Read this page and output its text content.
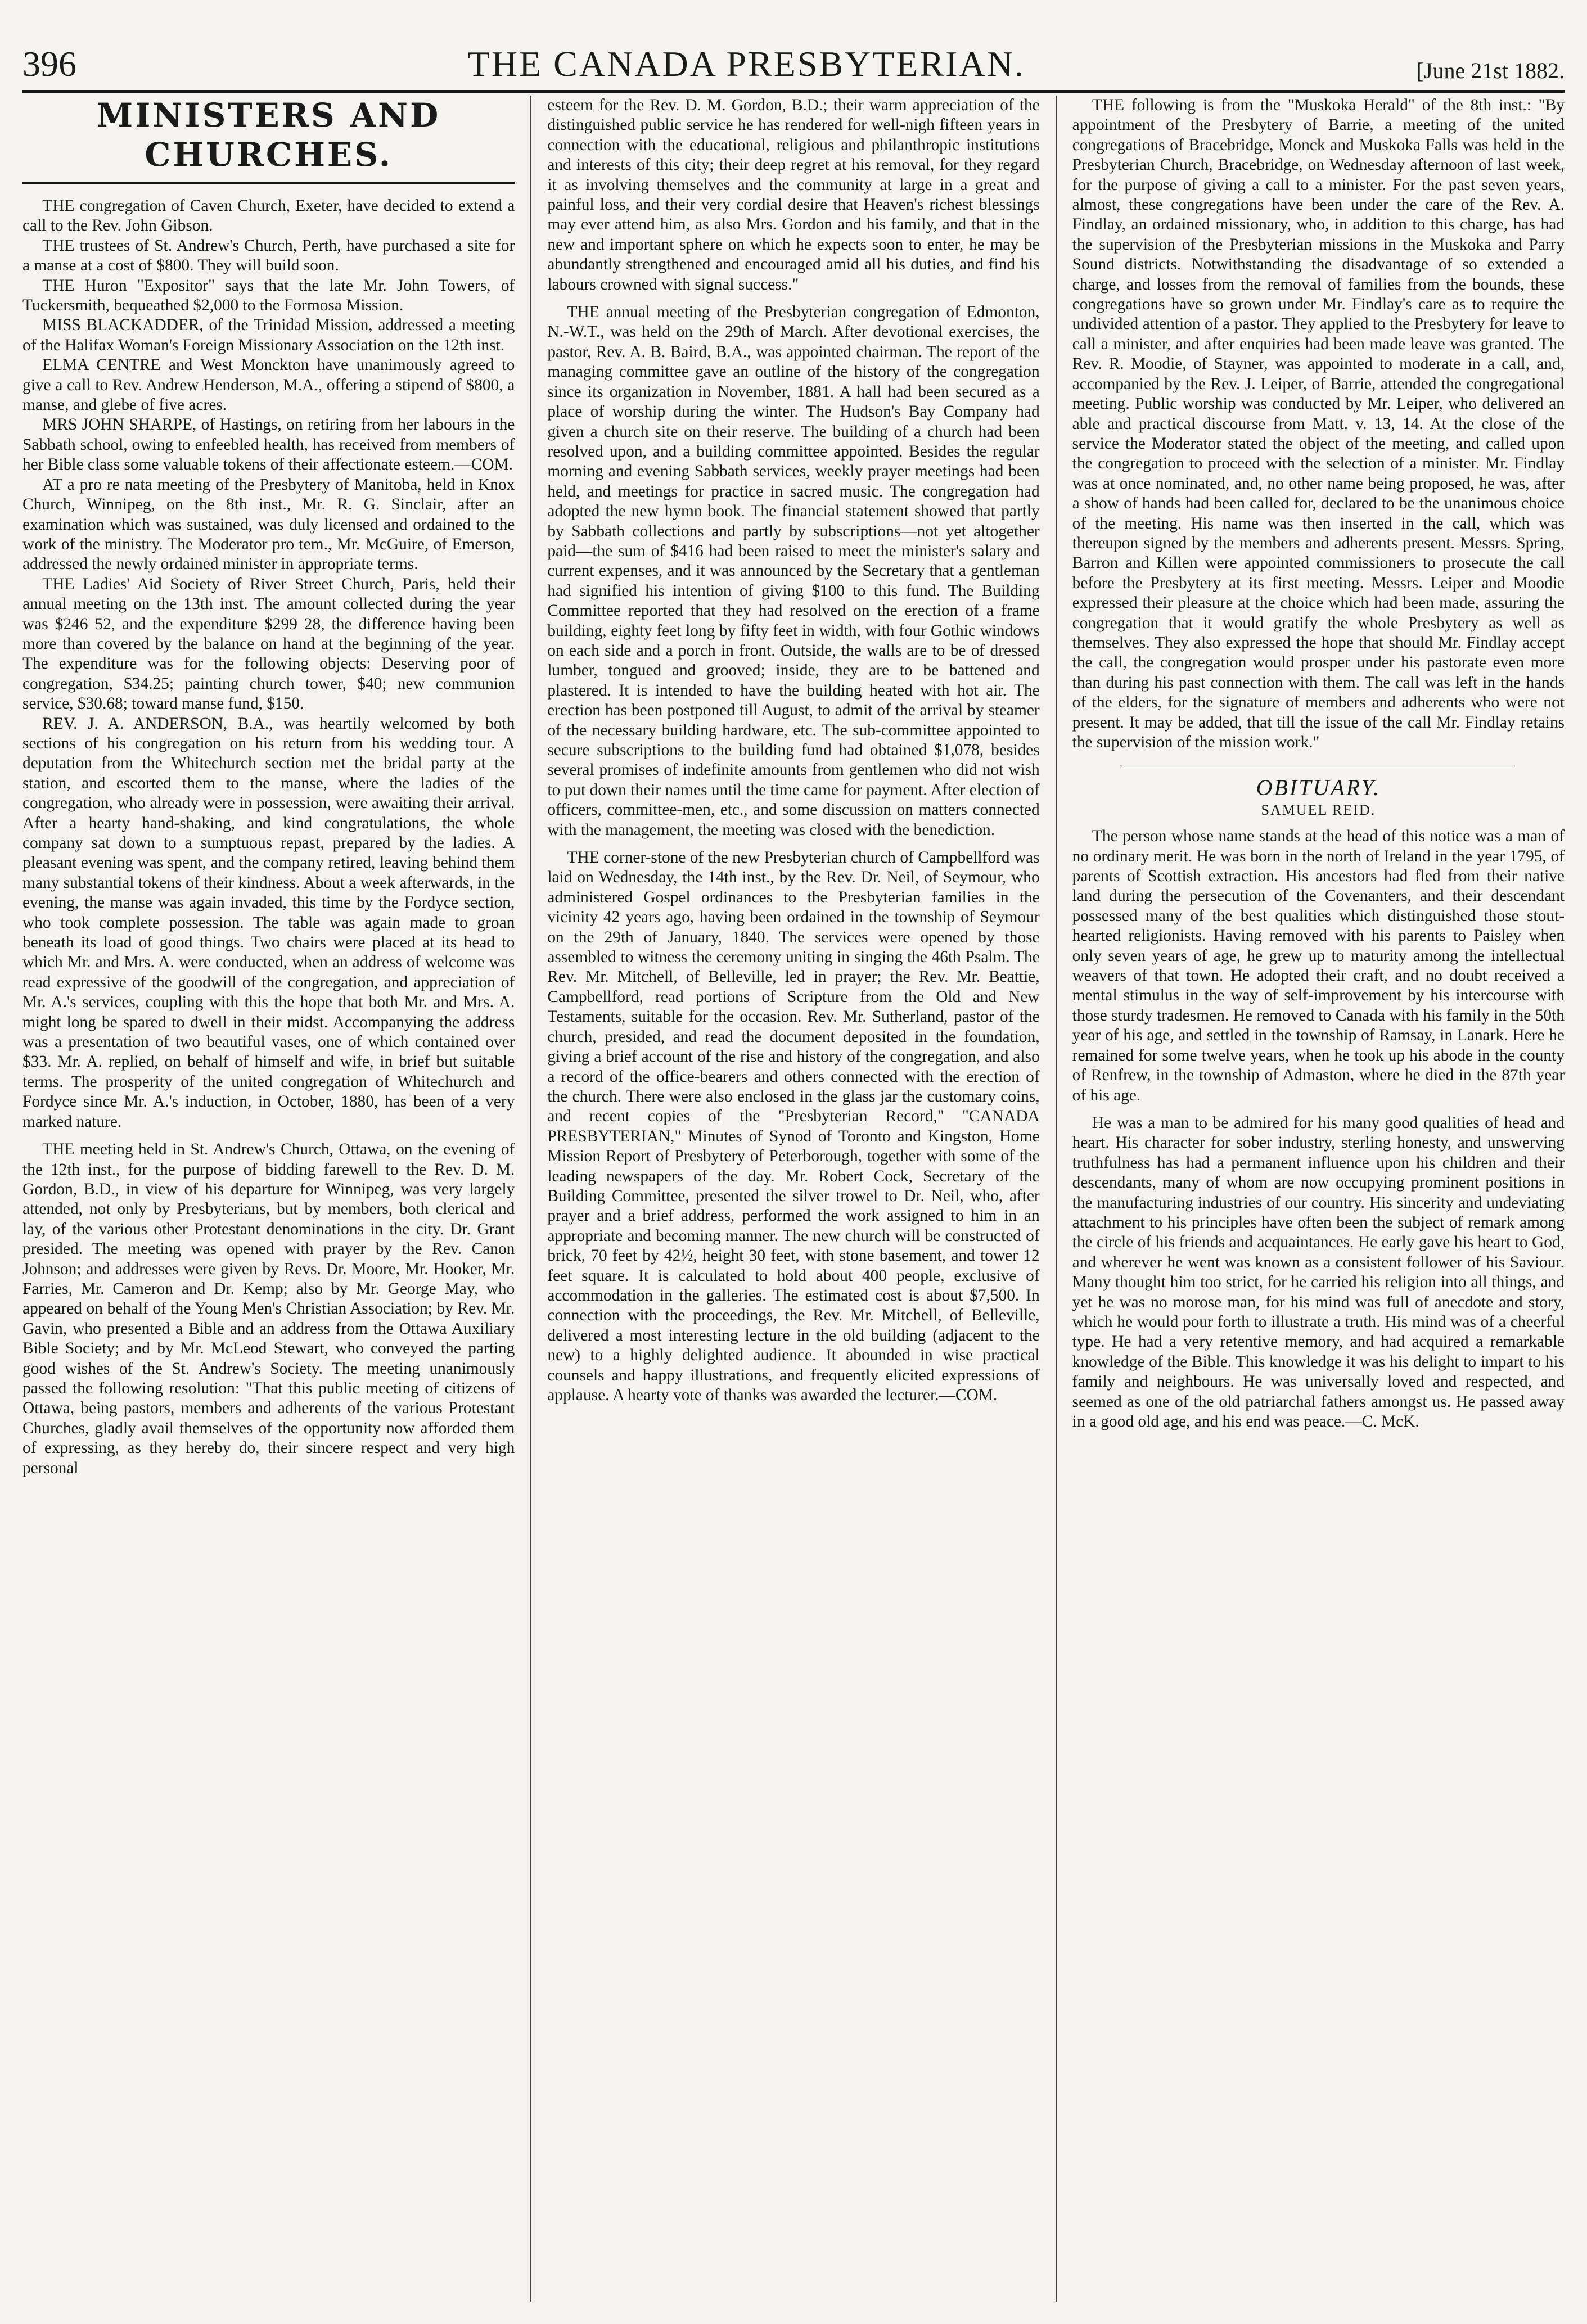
396	THE CANADA PRESBYTERIAN.	[June 21st 1882.
MINISTERS AND CHURCHES.

THE congregation of Caven Church, Exeter, have decided to extend a call to the Rev. John Gibson.

THE trustees of St. Andrew's Church, Perth, have purchased a site for a manse at a cost of $800. They will build soon.

THE Huron "Expositor" says that the late Mr. John Towers, of Tuckersmith, bequeathed $2,000 to the Formosa Mission.

MISS BLACKADDER, of the Trinidad Mission, addressed a meeting of the Halifax Woman's Foreign Missionary Association on the 12th inst.

ELMA CENTRE and West Monckton have unanimously agreed to give a call to Rev. Andrew Henderson, M.A., offering a stipend of $800, a manse, and glebe of five acres.

MRS JOHN SHARPE, of Hastings, on retiring from her labours in the Sabbath school, owing to enfeebled health, has received from members of her Bible class some valuable tokens of their affectionate esteem.—COM.

AT a pro re nata meeting of the Presbytery of Manitoba, held in Knox Church, Winnipeg, on the 8th inst., Mr. R. G. Sinclair, after an examination which was sustained, was duly licensed and ordained to the work of the ministry. The Moderator pro tem., Mr. McGuire, of Emerson, addressed the newly ordained minister in appropriate terms.

THE Ladies' Aid Society of River Street Church, Paris, held their annual meeting on the 13th inst. The amount collected during the year was $246 52, and the expenditure $299 28, the difference having been more than covered by the balance on hand at the beginning of the year. The expenditure was for the following objects: Deserving poor of congregation, $34.25; painting church tower, $40; new communion service, $30.68; toward manse fund, $150.

REV. J. A. ANDERSON, B.A., was heartily welcomed by both sections of his congregation on his return from his wedding tour. A deputation from the Whitechurch section met the bridal party at the station, and escorted them to the manse, where the ladies of the congregation, who already were in possession, were awaiting their arrival. After a hearty hand-shaking, and kind congratulations, the whole company sat down to a sumptuous repast, prepared by the ladies. A pleasant evening was spent, and the company retired, leaving behind them many substantial tokens of their kindness. About a week afterwards, in the evening, the manse was again invaded, this time by the Fordyce section, who took complete possession. The table was again made to groan beneath its load of good things. Two chairs were placed at its head to which Mr. and Mrs. A. were conducted, when an address of welcome was read expressive of the goodwill of the congregation, and appreciation of Mr. A.'s services, coupling with this the hope that both Mr. and Mrs. A. might long be spared to dwell in their midst. Accompanying the address was a presentation of two beautiful vases, one of which contained over $33. Mr. A. replied, on behalf of himself and wife, in brief but suitable terms. The prosperity of the united congregation of Whitechurch and Fordyce since Mr. A.'s induction, in October, 1880, has been of a very marked nature.

THE meeting held in St. Andrew's Church, Ottawa, on the evening of the 12th inst., for the purpose of bidding farewell to the Rev. D. M. Gordon, B.D., in view of his departure for Winnipeg, was very largely attended, not only by Presbyterians, but by members, both clerical and lay, of the various other Protestant denominations in the city. Dr. Grant presided. The meeting was opened with prayer by the Rev. Canon Johnson; and addresses were given by Revs. Dr. Moore, Mr. Hooker, Mr. Farries, Mr. Cameron and Dr. Kemp; also by Mr. George May, who appeared on behalf of the Young Men's Christian Association; by Rev. Mr. Gavin, who presented a Bible and an address from the Ottawa Auxiliary Bible Society; and by Mr. McLeod Stewart, who conveyed the parting good wishes of the St. Andrew's Society. The meeting unanimously passed the following resolution: "That this public meeting of citizens of Ottawa, being pastors, members and adherents of the various Protestant Churches, gladly avail themselves of the opportunity now afforded them of expressing, as they hereby do, their sincere respect and very high personal

esteem for the Rev. D. M. Gordon, B.D.; their warm appreciation of the distinguished public service he has rendered for well-nigh fifteen years in connection with the educational, religious and philanthropic institutions and interests of this city; their deep regret at his removal, for they regard it as involving themselves and the community at large in a great and painful loss, and their very cordial desire that Heaven's richest blessings may ever attend him, as also Mrs. Gordon and his family, and that in the new and important sphere on which he expects soon to enter, he may be abundantly strengthened and encouraged amid all his duties, and find his labours crowned with signal success."

THE annual meeting of the Presbyterian congregation of Edmonton, N.-W.T., was held on the 29th of March. After devotional exercises, the pastor, Rev. A. B. Baird, B.A., was appointed chairman. The report of the managing committee gave an outline of the history of the congregation since its organization in November, 1881. A hall had been secured as a place of worship during the winter. The Hudson's Bay Company had given a church site on their reserve. The building of a church had been resolved upon, and a building committee appointed. Besides the regular morning and evening Sabbath services, weekly prayer meetings had been held, and meetings for practice in sacred music. The congregation had adopted the new hymn book. The financial statement showed that partly by Sabbath collections and partly by subscriptions—not yet altogether paid—the sum of $416 had been raised to meet the minister's salary and current expenses, and it was announced by the Secretary that a gentleman had signified his intention of giving $100 to this fund. The Building Committee reported that they had resolved on the erection of a frame building, eighty feet long by fifty feet in width, with four Gothic windows on each side and a porch in front. Outside, the walls are to be of dressed lumber, tongued and grooved; inside, they are to be battened and plastered. It is intended to have the building heated with hot air. The erection has been postponed till August, to admit of the arrival by steamer of the necessary building hardware, etc. The sub-committee appointed to secure subscriptions to the building fund had obtained $1,078, besides several promises of indefinite amounts from gentlemen who did not wish to put down their names until the time came for payment. After election of officers, committee-men, etc., and some discussion on matters connected with the management, the meeting was closed with the benediction.

THE corner-stone of the new Presbyterian church of Campbellford was laid on Wednesday, the 14th inst., by the Rev. Dr. Neil, of Seymour, who administered Gospel ordinances to the Presbyterian families in the vicinity 42 years ago, having been ordained in the township of Seymour on the 29th of January, 1840. The services were opened by those assembled to witness the ceremony uniting in singing the 46th Psalm. The Rev. Mr. Mitchell, of Belleville, led in prayer; the Rev. Mr. Beattie, Campbellford, read portions of Scripture from the Old and New Testaments, suitable for the occasion. Rev. Mr. Sutherland, pastor of the church, presided, and read the document deposited in the foundation, giving a brief account of the rise and history of the congregation, and also a record of the office-bearers and others connected with the erection of the church. There were also enclosed in the glass jar the customary coins, and recent copies of the "Presbyterian Record," "CANADA PRESBYTERIAN," Minutes of Synod of Toronto and Kingston, Home Mission Report of Presbytery of Peterborough, together with some of the leading newspapers of the day. Mr. Robert Cock, Secretary of the Building Committee, presented the silver trowel to Dr. Neil, who, after prayer and a brief address, performed the work assigned to him in an appropriate and becoming manner. The new church will be constructed of brick, 70 feet by 42½, height 30 feet, with stone basement, and tower 12 feet square. It is calculated to hold about 400 people, exclusive of accommodation in the galleries. The estimated cost is about $7,500. In connection with the proceedings, the Rev. Mr. Mitchell, of Belleville, delivered a most interesting lecture in the old building (adjacent to the new) to a highly delighted audience. It abounded in wise practical counsels and happy illustrations, and frequently elicited expressions of applause. A hearty vote of thanks was awarded the lecturer.—COM.

THE following is from the "Muskoka Herald" of the 8th inst.: "By appointment of the Presbytery of Barrie, a meeting of the united congregations of Bracebridge, Monck and Muskoka Falls was held in the Presbyterian Church, Bracebridge, on Wednesday afternoon of last week, for the purpose of giving a call to a minister. For the past seven years, almost, these congregations have been under the care of the Rev. A. Findlay, an ordained missionary, who, in addition to this charge, has had the supervision of the Presbyterian missions in the Muskoka and Parry Sound districts. Notwithstanding the disadvantage of so extended a charge, and losses from the removal of families from the bounds, these congregations have so grown under Mr. Findlay's care as to require the undivided attention of a pastor. They applied to the Presbytery for leave to call a minister, and after enquiries had been made leave was granted. The Rev. R. Moodie, of Stayner, was appointed to moderate in a call, and, accompanied by the Rev. J. Leiper, of Barrie, attended the congregational meeting. Public worship was conducted by Mr. Leiper, who delivered an able and practical discourse from Matt. v. 13, 14. At the close of the service the Moderator stated the object of the meeting, and called upon the congregation to proceed with the selection of a minister. Mr. Findlay was at once nominated, and, no other name being proposed, he was, after a show of hands had been called for, declared to be the unanimous choice of the meeting. His name was then inserted in the call, which was thereupon signed by the members and adherents present. Messrs. Spring, Barron and Killen were appointed commissioners to prosecute the call before the Presbytery at its first meeting. Messrs. Leiper and Moodie expressed their pleasure at the choice which had been made, assuring the congregation that it would gratify the whole Presbytery as well as themselves. They also expressed the hope that should Mr. Findlay accept the call, the congregation would prosper under his pastorate even more than during his past connection with them. The call was left in the hands of the elders, for the signature of members and adherents who were not present. It may be added, that till the issue of the call Mr. Findlay retains the supervision of the mission work."

OBITUARY.
SAMUEL REID.

The person whose name stands at the head of this notice was a man of no ordinary merit. He was born in the north of Ireland in the year 1795, of parents of Scottish extraction. His ancestors had fled from their native land during the persecution of the Covenanters, and their descendant possessed many of the best qualities which distinguished those stout-hearted religionists. Having removed with his parents to Paisley when only seven years of age, he grew up to maturity among the intellectual weavers of that town. He adopted their craft, and no doubt received a mental stimulus in the way of self-improvement by his intercourse with those sturdy tradesmen. He removed to Canada with his family in the 50th year of his age, and settled in the township of Ramsay, in Lanark. Here he remained for some twelve years, when he took up his abode in the county of Renfrew, in the township of Admaston, where he died in the 87th year of his age.

He was a man to be admired for his many good qualities of head and heart. His character for sober industry, sterling honesty, and unswerving truthfulness has had a permanent influence upon his children and their descendants, many of whom are now occupying prominent positions in the manufacturing industries of our country. His sincerity and undeviating attachment to his principles have often been the subject of remark among the circle of his friends and acquaintances. He early gave his heart to God, and wherever he went was known as a consistent follower of his Saviour. Many thought him too strict, for he carried his religion into all things, and yet he was no morose man, for his mind was full of anecdote and story, which he would pour forth to illustrate a truth. His mind was of a cheerful type. He had a very retentive memory, and had acquired a remarkable knowledge of the Bible. This knowledge it was his delight to impart to his family and neighbours. He was universally loved and respected, and seemed as one of the old patriarchal fathers amongst us. He passed away in a good old age, and his end was peace.—C. McK.
